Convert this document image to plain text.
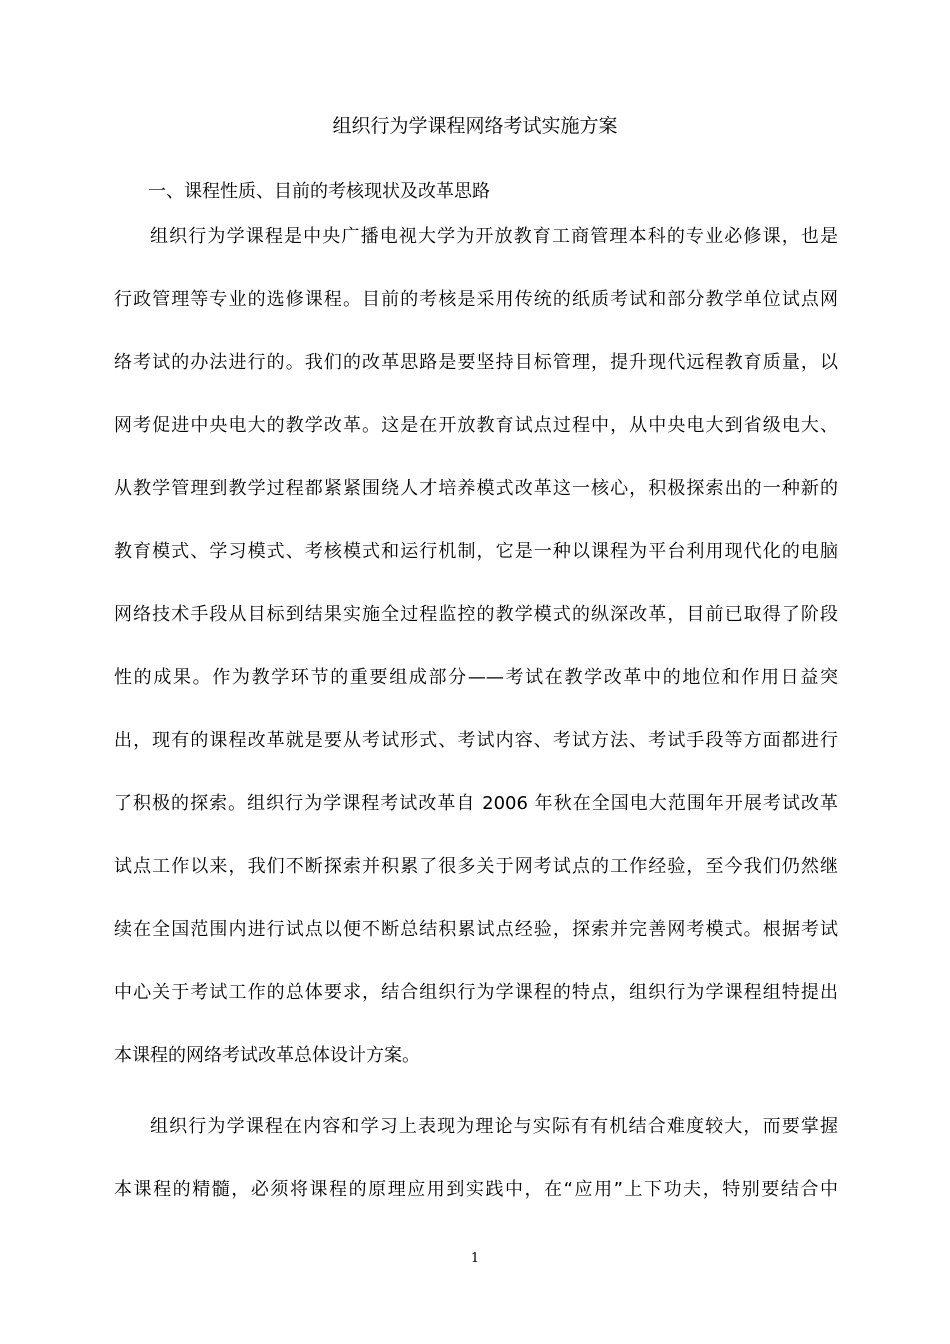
组织行为学课程网络考试实施方案
一、课程性质、目前的考核现状及改革思路
组织行为学课程是中央广播电视大学为开放教育工商管理本科的专业必修课，也是
行政管理等专业的选修课程。目前的考核是采用传统的纸质考试和部分教学单位试点网
络考试的办法进行的。我们的改革思路是要坚持目标管理，提升现代远程教育质量，以
网考促进中央电大的教学改革。这是在开放教育试点过程中，从中央电大到省级电大、
从教学管理到教学过程都紧紧围绕人才培养模式改革这一核心，积极探索出的一种新的
教育模式、学习模式、考核模式和运行机制，它是一种以课程为平台利用现代化的电脑
网络技术手段从目标到结果实施全过程监控的教学模式的纵深改革，目前已取得了阶段
性的成果。作为教学环节的重要组成部分——考试在教学改革中的地位和作用日益突
出，现有的课程改革就是要从考试形式、考试内容、考试方法、考试手段等方面都进行
了积极的探索。组织行为学课程考试改革自 2006 年秋在全国电大范围年开展考试改革
试点工作以来，我们不断探索并积累了很多关于网考试点的工作经验，至今我们仍然继
续在全国范围内进行试点以便不断总结积累试点经验，探索并完善网考模式。根据考试
中心关于考试工作的总体要求，结合组织行为学课程的特点，组织行为学课程组特提出
本课程的网络考试改革总体设计方案。
组织行为学课程在内容和学习上表现为理论与实际有有机结合难度较大，而要掌握
本课程的精髓，必须将课程的原理应用到实践中，在“应用”上下功夫，特别要结合中
1
